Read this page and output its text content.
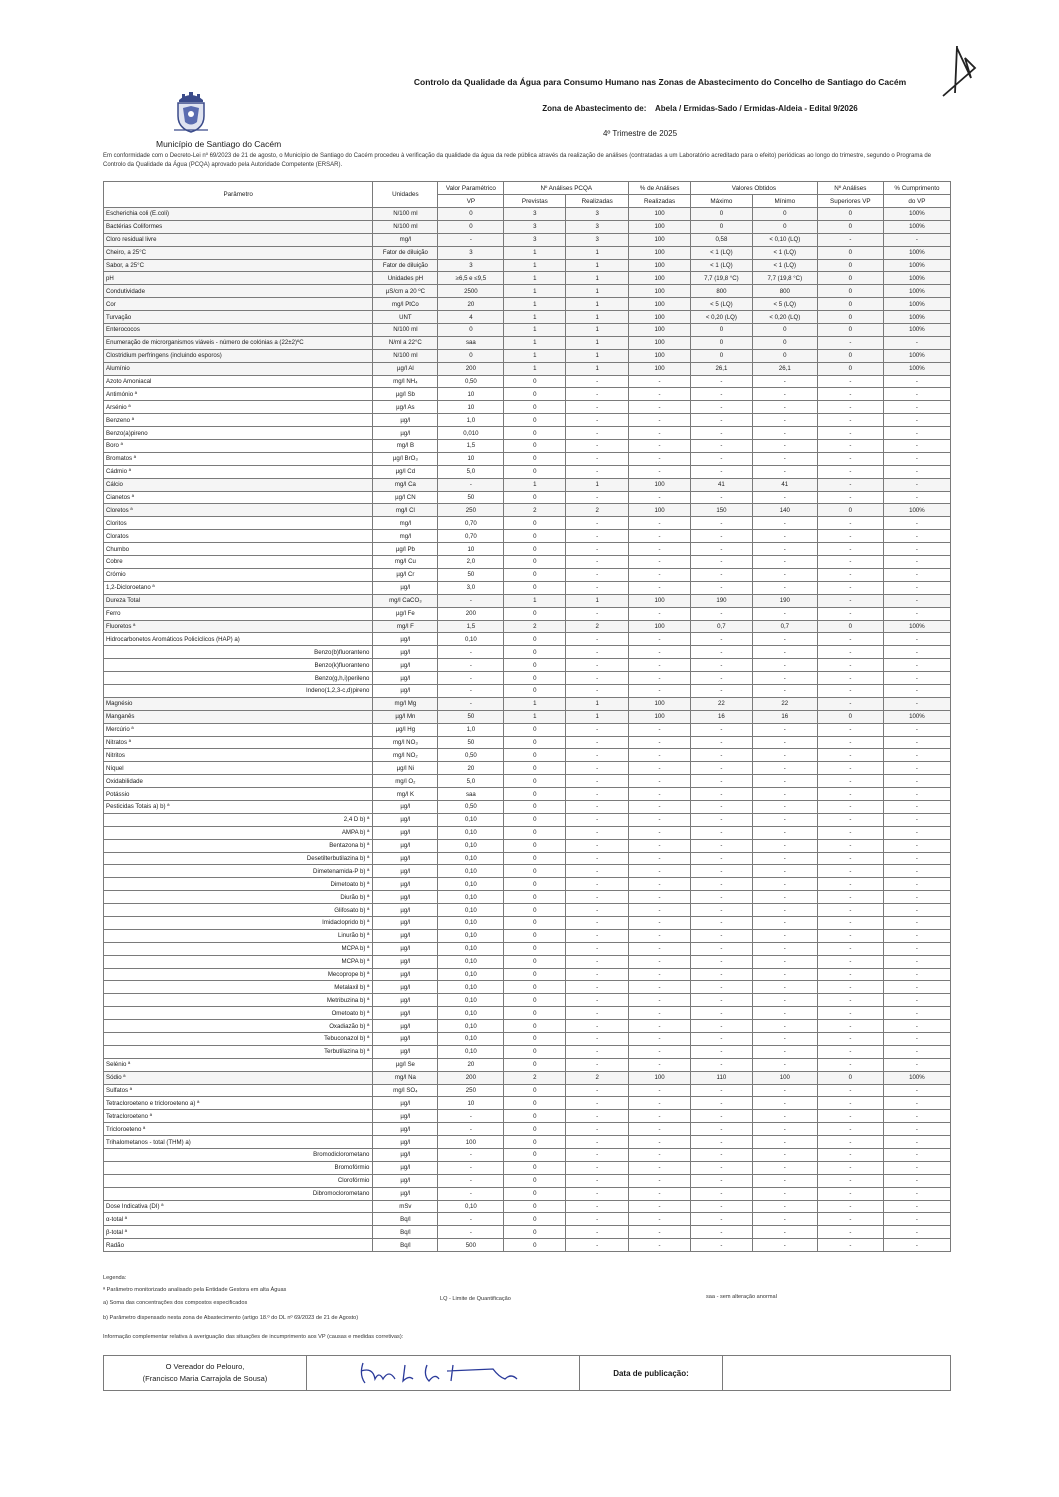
Município de Santiago do Cacém
Controlo da Qualidade da Água para Consumo Humano nas Zonas de Abastecimento do Concelho de Santiago do Cacém
Zona de Abastecimento de: Abela / Ermidas-Sado / Ermidas-Aldeia - Edital 9/2026
4º Trimestre de 2025
Em conformidade com o Decreto-Lei nº 69/2023 de 21 de agosto, o Município de Santiago do Cacém procedeu à verificação da qualidade da água da rede pública através da realização de análises (contratadas a um Laboratório acreditado para o efeito) periódicas ao longo do trimestre, segundo o Programa de Controlo da Qualidade da Água (PCQA) aprovado pela Autoridade Competente (ERSAR).
Parâmetro	Unidades	Valor Paramétrico	Nº Análises PCQA		% de Análises	Valores Obtidos		Nº Análises	% Cumprimento
		VP	Previstas	Realizadas	Realizadas	Máximo	Mínimo	Superiores VP	do VP
Escherichia coli (E.coli)	N/100 ml	0	3	3	100	0	0	0	100%
Bactérias Coliformes	N/100 ml	0	3	3	100	0	0	0	100%
Cloro residual livre	mg/l	-	3	3	100	0,58	< 0,10 (LQ)	-	-
Cheiro, a 25°C	Fator de diluição	3	1	1	100	< 1 (LQ)	< 1 (LQ)	0	100%
Sabor, a 25°C	Fator de diluição	3	1	1	100	< 1 (LQ)	< 1 (LQ)	0	100%
pH	Unidades pH	≥6,5 e ≤9,5	1	1	100	7,7 (19,8 °C)	7,7 (19,8 °C)	0	100%
Condutividade	µS/cm a 20 ºC	2500	1	1	100	800	800	0	100%
Cor	mg/l PtCo	20	1	1	100	< 5 (LQ)	< 5 (LQ)	0	100%
Turvação	UNT	4	1	1	100	< 0,20 (LQ)	< 0,20 (LQ)	0	100%
Enterococos	N/100 ml	0	1	1	100	0	0	0	100%
Enumeração de microrganismos viáveis - número de colónias a (22±2)ºC	N/ml a 22°C	saa	1	1	100	0	0	-	-
Clostridium perfringens (incluindo esporos)	N/100 ml	0	1	1	100	0	0	0	100%
Alumínio	µg/l Al	200	1	1	100	26,1	26,1	0	100%
Azoto Amoniacal	mg/l NH₄	0,50	0	-	-	-	-	-	-
Antimónio ª	µg/l Sb	10	0	-	-	-	-	-	-
Arsénio ª	µg/l As	10	0	-	-	-	-	-	-
Benzeno ª	µg/l	1,0	0	-	-	-	-	-	-
Benzo(a)pireno	µg/l	0,010	0	-	-	-	-	-	-
Boro ª	mg/l B	1,5	0	-	-	-	-	-	-
Bromatos ª	µg/l BrO₃	10	0	-	-	-	-	-	-
Cádmio ª	µg/l Cd	5,0	0	-	-	-	-	-	-
Cálcio	mg/l Ca	-	1	1	100	41	41	-	-
Cianetos ª	µg/l CN	50	0	-	-	-	-	-	-
Cloretos ª	mg/l Cl	250	2	2	100	150	140	0	100%
Cloritos	mg/l	0,70	0	-	-	-	-	-	-
Cloratos	mg/l	0,70	0	-	-	-	-	-	-
Chumbo	µg/l Pb	10	0	-	-	-	-	-	-
Cobre	mg/l Cu	2,0	0	-	-	-	-	-	-
Crómio	µg/l Cr	50	0	-	-	-	-	-	-
1,2-Dicloroetano ª	µg/l	3,0	0	-	-	-	-	-	-
Dureza Total	mg/l CaCO₃	-	1	1	100	190	190	-	-
Ferro	µg/l Fe	200	0	-	-	-	-	-	-
Fluoretos ª	mg/l F	1,5	2	2	100	0,7	0,7	0	100%
Hidrocarbonetos Aromáticos Policíclicos (HAP) a)	µg/l	0,10	0	-	-	-	-	-	-
Benzo(b)fluoranteno	µg/l	-	0	-	-	-	-	-	-
Benzo(k)fluoranteno	µg/l	-	0	-	-	-	-	-	-
Benzo(g,h,i)perileno	µg/l	-	0	-	-	-	-	-	-
Indeno(1,2,3-c,d)pireno	µg/l	-	0	-	-	-	-	-	-
Magnésio	mg/l Mg	-	1	1	100	22	22	-	-
Manganês	µg/l Mn	50	1	1	100	16	16	0	100%
Mercúrio ª	µg/l Hg	1,0	0	-	-	-	-	-	-
Nitratos ª	mg/l NO₃	50	0	-	-	-	-	-	-
Nitritos	mg/l NO₂	0,50	0	-	-	-	-	-	-
Níquel	µg/l Ni	20	0	-	-	-	-	-	-
Oxidabilidade	mg/l O₂	5,0	0	-	-	-	-	-	-
Potássio	mg/l K	saa	0	-	-	-	-	-	-
Pesticidas Totais a) b) ª	µg/l	0,50	0	-	-	-	-	-	-
2,4 D b) ª	µg/l	0,10	0	-	-	-	-	-	-
AMPA b) ª	µg/l	0,10	0	-	-	-	-	-	-
Bentazona b) ª	µg/l	0,10	0	-	-	-	-	-	-
Desetilterbutilazina b) ª	µg/l	0,10	0	-	-	-	-	-	-
Dimetenamida-P b) ª	µg/l	0,10	0	-	-	-	-	-	-
Dimetoato b) ª	µg/l	0,10	0	-	-	-	-	-	-
Diurão b) ª	µg/l	0,10	0	-	-	-	-	-	-
Glifosato b) ª	µg/l	0,10	0	-	-	-	-	-	-
Imidacloprido b) ª	µg/l	0,10	0	-	-	-	-	-	-
Linurão b) ª	µg/l	0,10	0	-	-	-	-	-	-
MCPA b) ª	µg/l	0,10	0	-	-	-	-	-	-
MCPA b) ª	µg/l	0,10	0	-	-	-	-	-	-
Mecoprope b) ª	µg/l	0,10	0	-	-	-	-	-	-
Metalaxil b) ª	µg/l	0,10	0	-	-	-	-	-	-
Metribuzina b) ª	µg/l	0,10	0	-	-	-	-	-	-
Ometoato b) ª	µg/l	0,10	0	-	-	-	-	-	-
Oxadiazão b) ª	µg/l	0,10	0	-	-	-	-	-	-
Tebuconazol b) ª	µg/l	0,10	0	-	-	-	-	-	-
Terbutilazina b) ª	µg/l	0,10	0	-	-	-	-	-	-
Selénio ª	µg/l Se	20	0	-	-	-	-	-	-
Sódio ª	mg/l Na	200	2	2	100	110	100	0	100%
Sulfatos ª	mg/l SO₄	250	0	-	-	-	-	-	-
Tetracloroeteno e tricloroeteno a) ª	µg/l	10	0	-	-	-	-	-	-
Tetracloroeteno ª	µg/l	-	0	-	-	-	-	-	-
Tricloroeteno ª	µg/l	-	0	-	-	-	-	-	-
Trihalometanos - total (THM) a)	µg/l	100	0	-	-	-	-	-	-
Bromodiclorometano	µg/l	-	0	-	-	-	-	-	-
Bromofórmio	µg/l	-	0	-	-	-	-	-	-
Clorofórmio	µg/l	-	0	-	-	-	-	-	-
Dibromoclorometano	µg/l	-	0	-	-	-	-	-	-
Dose Indicativa (DI) ª	mSv	0,10	0	-	-	-	-	-	-
α-total ª	Bq/l	-	0	-	-	-	-	-	-
β-total ª	Bq/l	-	0	-	-	-	-	-	-
Radão	Bq/l	500	0	-	-	-	-	-	-
Legenda:
ª Parâmetro monitorizado analisado pela Entidade Gestora em alta Águas
a) Soma das concentrações dos compostos especificados
LQ - Limite de Quantificação	saa - sem alteração anormal
b) Parâmetro dispensado nesta zona de Abastecimento (artigo 18.º do DL nº 69/2023 de 21 de Agosto)
Informação complementar relativa à averiguação das situações de incumprimento aos VP (causas e medidas corretivas):
O Vereador do Pelouro,
(Francisco Maria Carrajola de Sousa)
		Data de publicação:	
